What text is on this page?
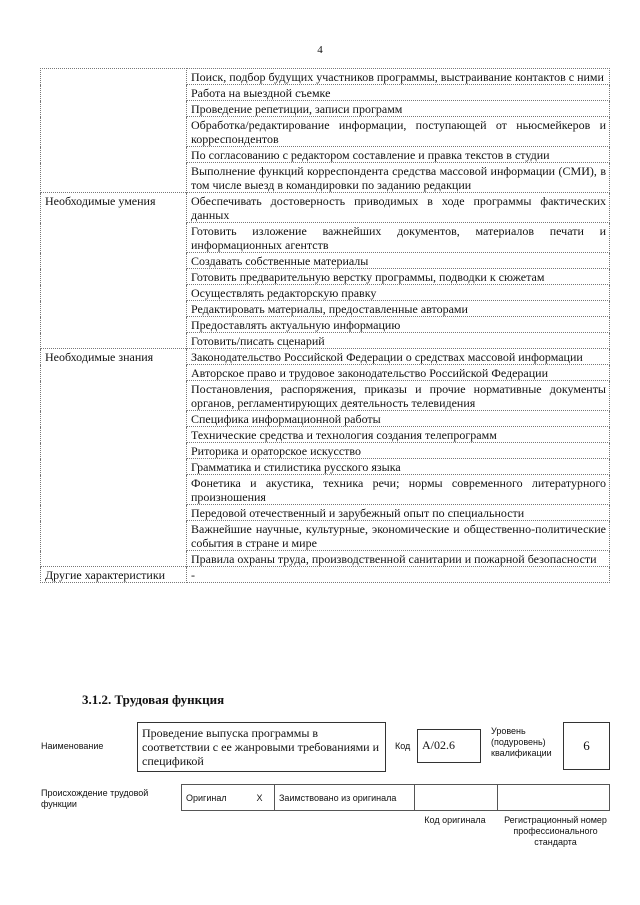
4
	Поиск, подбор будущих участников программы, выстраивание контактов с ними
	Работа на выездной съемке
	Проведение репетиции, записи программ
	Обработка/редактирование информации, поступающей от ньюсмейкеров и корреспондентов
	По согласованию с редактором составление и правка текстов в студии
	Выполнение функций корреспондента средства массовой информации (СМИ), в том числе выезд в командировки по заданию редакции
Необходимые умения	Обеспечивать достоверность приводимых в ходе программы фактических данных
	Готовить изложение важнейших документов, материалов печати и информационных агентств
	Создавать собственные материалы
	Готовить предварительную верстку программы, подводки к сюжетам
	Осуществлять редакторскую правку
	Редактировать материалы, предоставленные авторами
	Предоставлять актуальную информацию
	Готовить/писать сценарий
Необходимые знания	Законодательство Российской Федерации о средствах массовой информации
	Авторское право и трудовое законодательство Российской Федерации
	Постановления, распоряжения, приказы и прочие нормативные документы органов, регламентирующих деятельность телевидения
	Специфика информационной работы
	Технические средства и технология создания телепрограмм
	Риторика и ораторское искусство
	Грамматика и стилистика русского языка
	Фонетика и акустика, техника речи; нормы современного литературного произношения
	Передовой отечественный и зарубежный опыт по специальности
	Важнейшие научные, культурные, экономические и общественно-политические события в стране и мире
	Правила охраны труда, производственной санитарии и пожарной безопасности
Другие характеристики	-
3.1.2. Трудовая функция
Наименование
Проведение выпуска программы в соответствии с ее жанровыми требованиями и спецификой
Код А/02.6
Уровень (подуровень) квалификации	6
Происхождение трудовой функции
Оригинал	X	Заимствовано из оригинала		
Код оригинала	Регистрационный номер профессионального стандарта
